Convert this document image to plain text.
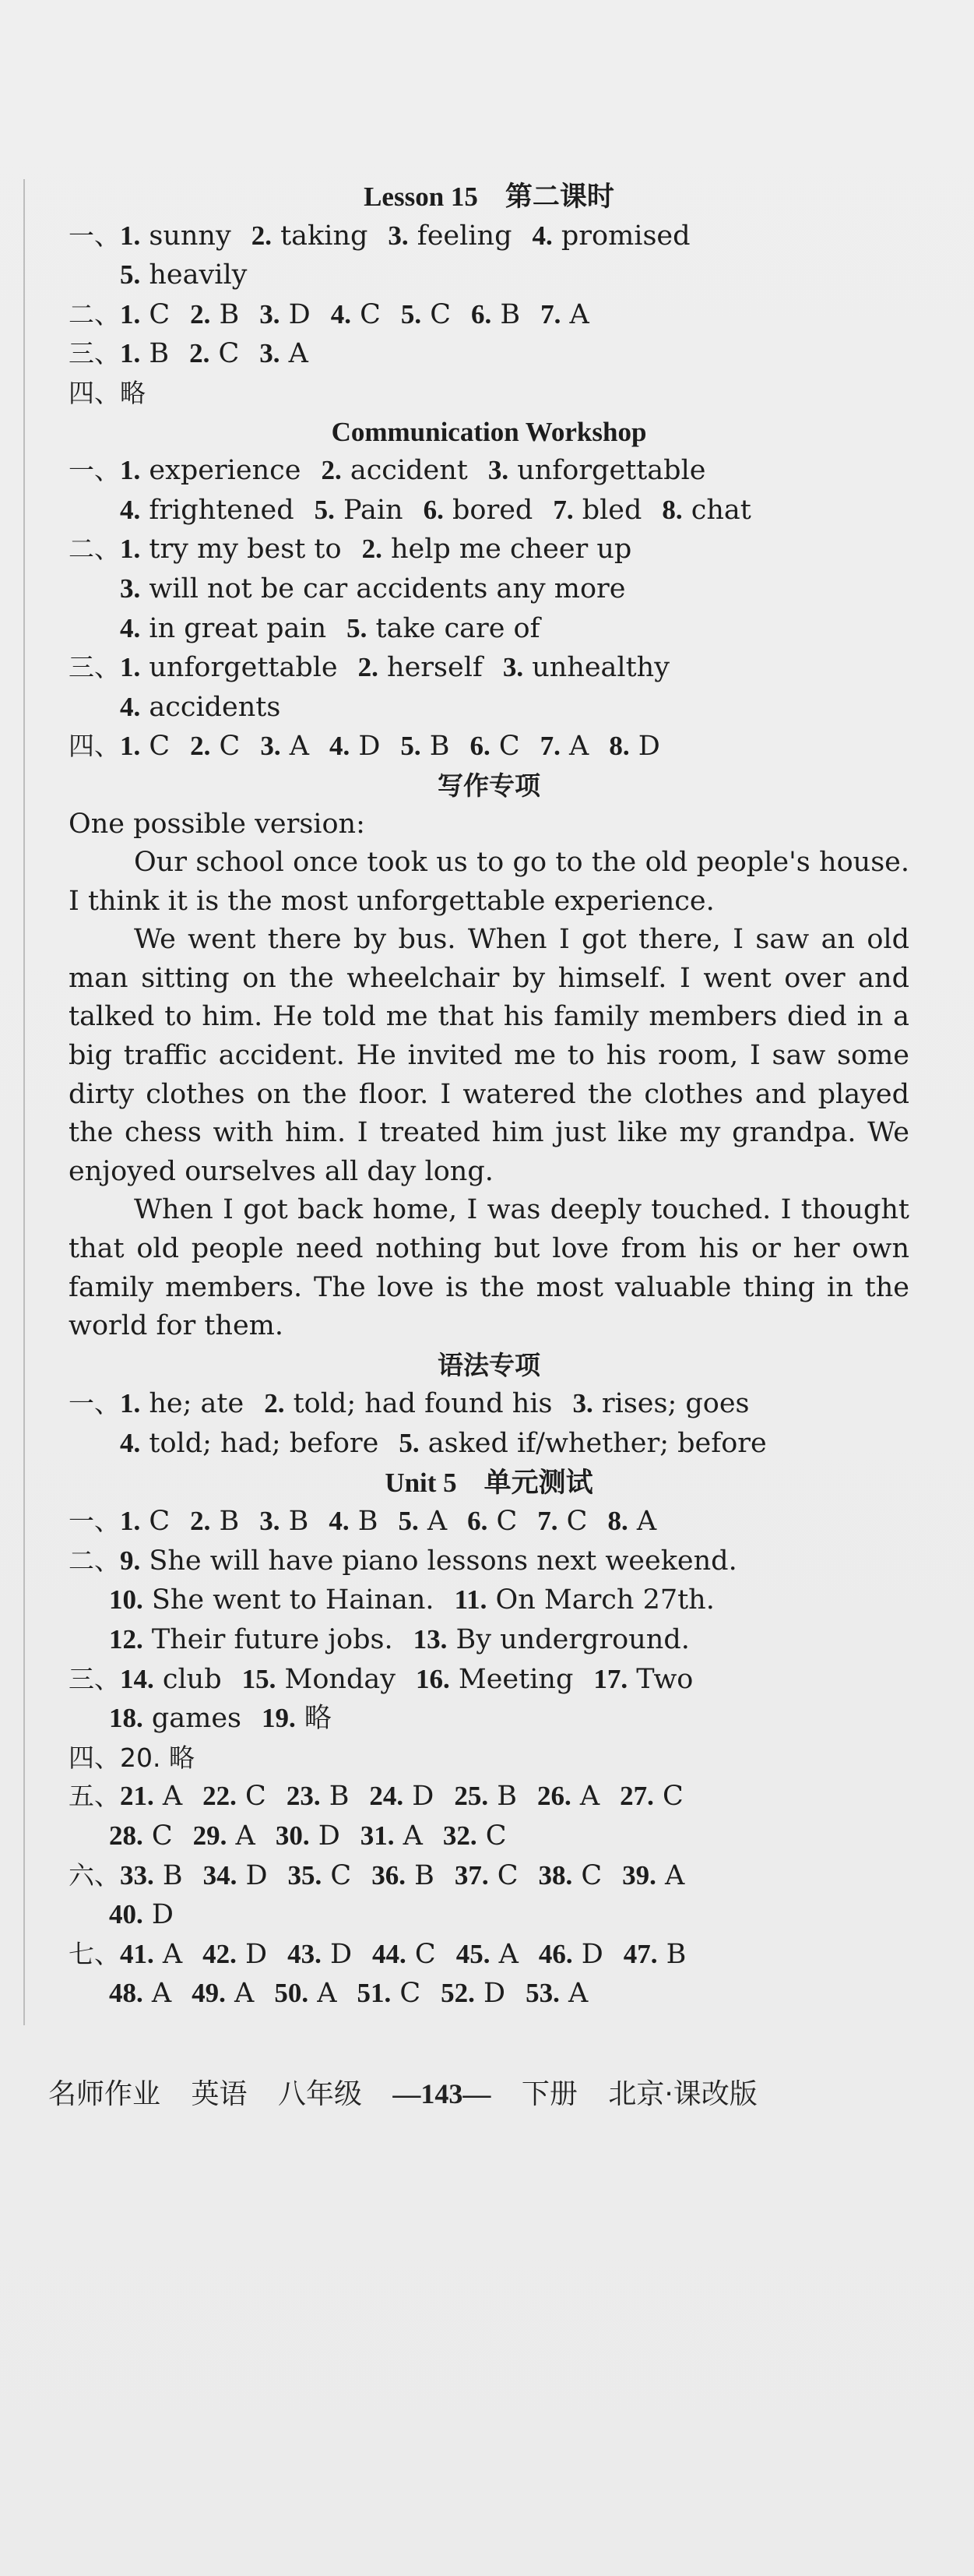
Lesson 15　第二课时
一、1. sunny 2. taking 3. feeling 4. promised
5. heavily
二、1. C 2. B 3. D 4. C 5. C 6. B 7. A
三、1. B 2. C 3. A
四、略
Communication Workshop
一、1. experience 2. accident 3. unforgettable
4. frightened 5. Pain 6. bored 7. bled 8. chat
二、1. try my best to 2. help me cheer up
3. will not be car accidents any more
4. in great pain 5. take care of
三、1. unforgettable 2. herself 3. unhealthy
4. accidents
四、1. C 2. C 3. A 4. D 5. B 6. C 7. A 8. D
写作专项
One possible version:
Our school once took us to go to the old people's house. I think it is the most unforgettable experience.
We went there by bus. When I got there, I saw an old man sitting on the wheelchair by himself. I went over and talked to him. He told me that his family members died in a big traffic accident. He invited me to his room, I saw some dirty clothes on the floor. I watered the clothes and played the chess with him. I treated him just like my grandpa. We enjoyed ourselves all day long.
When I got back home, I was deeply touched. I thought that old people need nothing but love from his or her own family members. The love is the most valuable thing in the world for them.
语法专项
一、1. he; ate 2. told; had found his 3. rises; goes
4. told; had; before 5. asked if/whether; before
Unit 5　单元测试
一、1. C 2. B 3. B 4. B 5. A 6. C 7. C 8. A
二、9. She will have piano lessons next weekend.
10. She went to Hainan. 11. On March 27th.
12. Their future jobs. 13. By underground.
三、14. club 15. Monday 16. Meeting 17. Two
18. games 19. 略
四、20. 略
五、21. A 22. C 23. B 24. D 25. B 26. A 27. C
28. C 29. A 30. D 31. A 32. C
六、33. B 34. D 35. C 36. B 37. C 38. C 39. A
40. D
七、41. A 42. D 43. D 44. C 45. A 46. D 47. B
48. A 49. A 50. A 51. C 52. D 53. A
名师作业 英语 八年级 —143— 下册 北京·课改版
